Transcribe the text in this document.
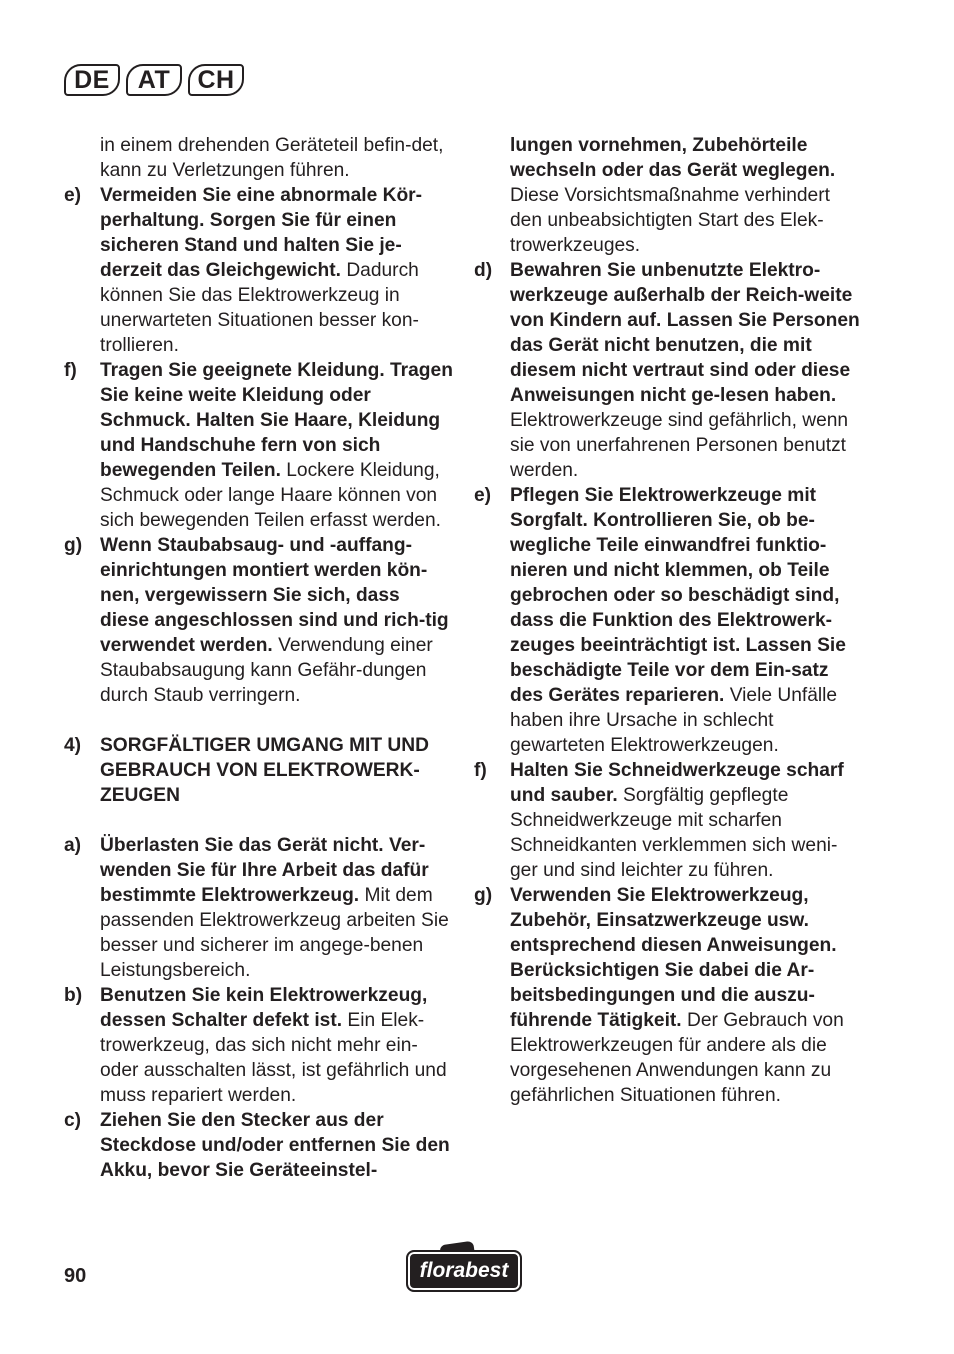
DE	AT	CH
in einem drehenden Geräteteil befin-det, kann zu Verletzungen führen.
e) Vermeiden Sie eine abnormale Kör-perhaltung. Sorgen Sie für einen sicheren Stand und halten Sie je-derzeit das Gleichgewicht. Dadurch können Sie das Elektrowerkzeug in unerwarteten Situationen besser kon-trollieren.
f)	Tragen Sie geeignete Kleidung. Tragen Sie keine weite Kleidung oder Schmuck. Halten Sie Haare, Kleidung und Handschuhe fern von sich bewegenden Teilen. Lockere Kleidung, Schmuck oder lange Haare können von sich bewegenden Teilen erfasst werden.
g) Wenn Staubabsaug- und -auffang-einrichtungen montiert werden kön-nen, vergewissern Sie sich, dass diese angeschlossen sind und rich-tig verwendet werden. Verwendung einer Staubabsaugung kann Gefähr-dungen durch Staub verringern.
4) SORGFÄLTIGER UMGANG MIT UND GEBRAUCH VON ELEKTROWERK-ZEUGEN
a) Überlasten Sie das Gerät nicht. Ver-wenden Sie für Ihre Arbeit das dafür bestimmte Elektrowerkzeug. Mit dem passenden Elektrowerkzeug arbeiten Sie besser und sicherer im angege-benen Leistungsbereich.
b) Benutzen Sie kein Elektrowerkzeug, dessen Schalter defekt ist. Ein Elek-trowerkzeug, das sich nicht mehr ein- oder ausschalten lässt, ist gefährlich und muss repariert werden.
c) Ziehen Sie den Stecker aus der Steckdose und/oder entfernen Sie den Akku, bevor Sie Geräteeinstel-
lungen vornehmen, Zubehörteile wechseln oder das Gerät weglegen. Diese Vorsichtsmaßnahme verhindert den unbeabsichtigten Start des Elek-trowerkzeuges.
d) Bewahren Sie unbenutzte Elektro-werkzeuge außerhalb der Reich-weite von Kindern auf. Lassen Sie Personen das Gerät nicht benutzen, die mit diesem nicht vertraut sind oder diese Anweisungen nicht ge-lesen haben. Elektrowerkzeuge sind gefährlich, wenn sie von unerfahrenen Personen benutzt werden.
e) Pflegen Sie Elektrowerkzeuge mit Sorgfalt. Kontrollieren Sie, ob be-wegliche Teile einwandfrei funktio-nieren und nicht klemmen, ob Teile gebrochen oder so beschädigt sind, dass die Funktion des Elektrowerk-zeuges beeinträchtigt ist. Lassen Sie beschädigte Teile vor dem Ein-satz des Gerätes reparieren. Viele Unfälle haben ihre Ursache in schlecht gewarteten Elektrowerkzeugen.
f)	Halten Sie Schneidwerkzeuge scharf und sauber. Sorgfältig gepflegte Schneidwerkzeuge mit scharfen Schneidkanten verklemmen sich weni-ger und sind leichter zu führen.
g) Verwenden Sie Elektrowerkzeug, Zubehör, Einsatzwerkzeuge usw. entsprechend diesen Anweisungen. Berücksichtigen Sie dabei die Ar-beitsbedingungen und die auszu-führende Tätigkeit. Der Gebrauch von Elektrowerkzeugen für andere als die vorgesehenen Anwendungen kann zu gefährlichen Situationen führen.
90	florabest
